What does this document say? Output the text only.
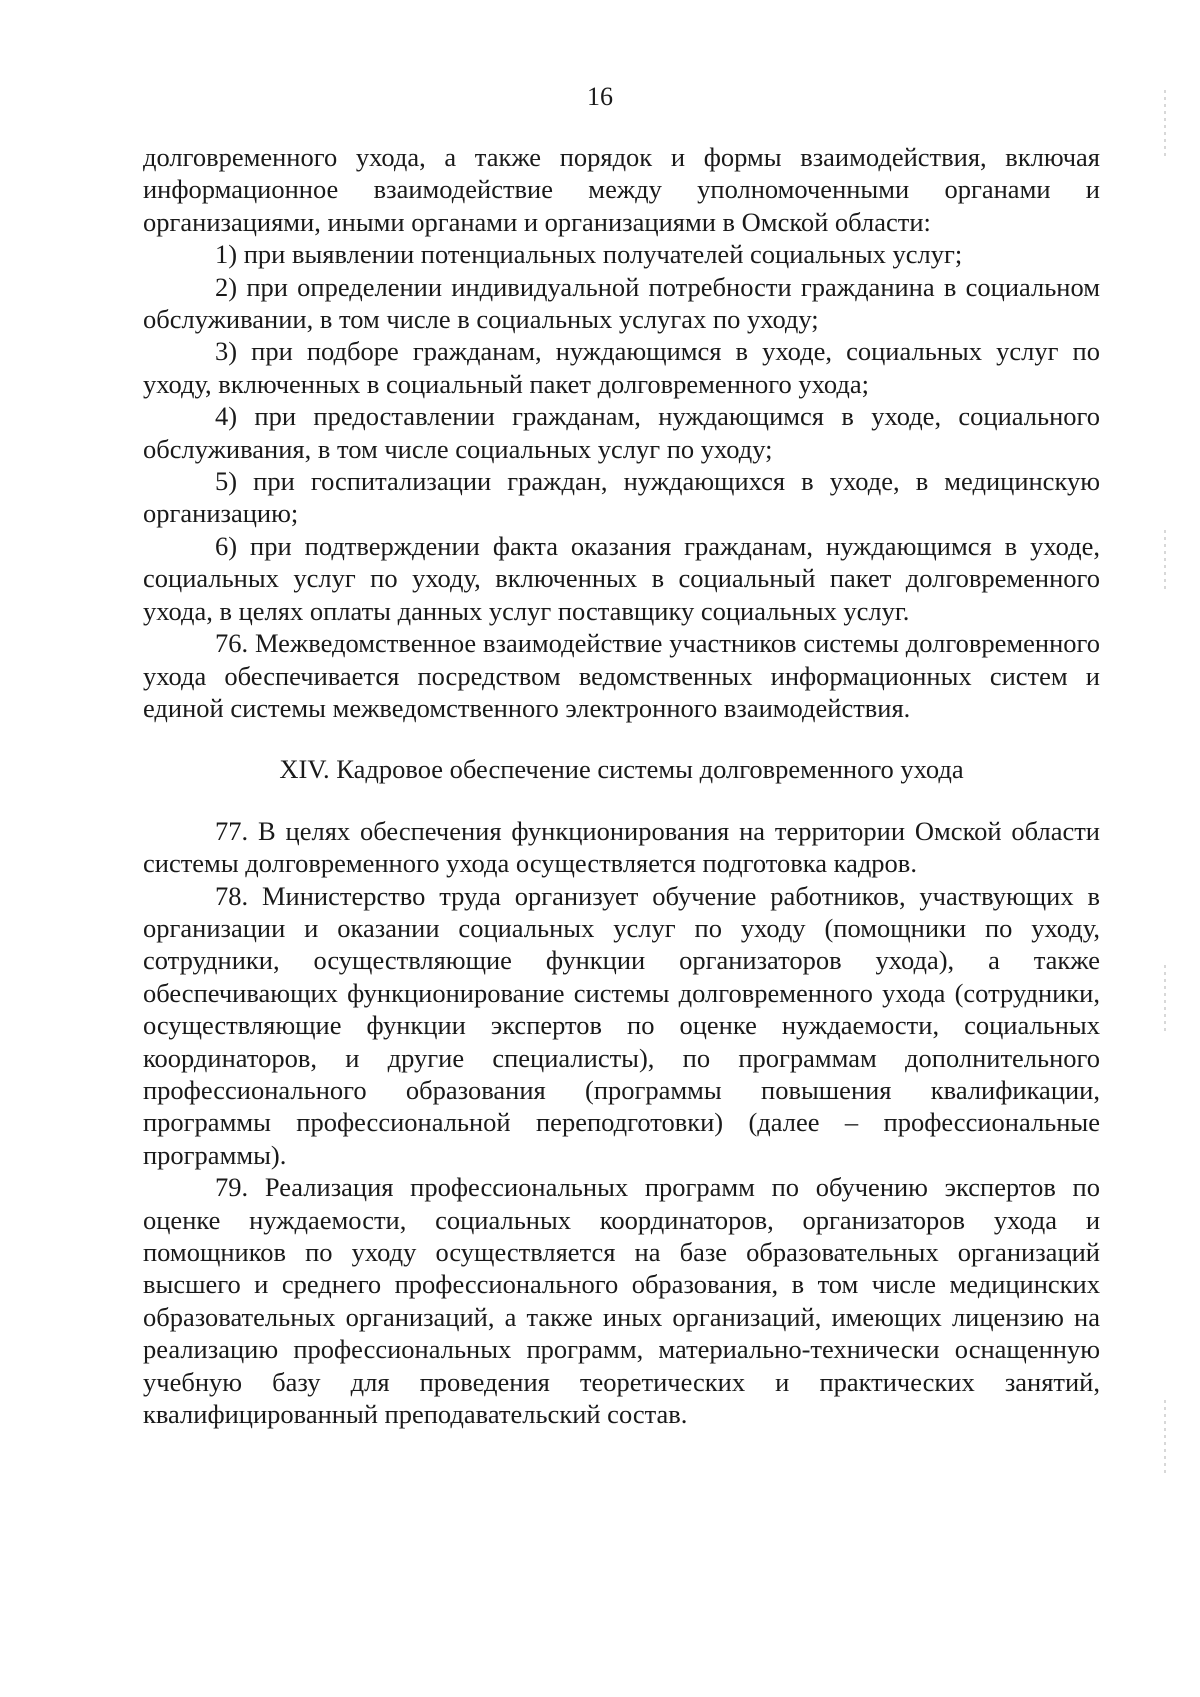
16

долговременного ухода, а также порядок и формы взаимодействия, включая информационное взаимодействие между уполномоченными органами и организациями, иными органами и организациями в Омской области:

1) при выявлении потенциальных получателей социальных услуг;

2) при определении индивидуальной потребности гражданина в социальном обслуживании, в том числе в социальных услугах по уходу;

3) при подборе гражданам, нуждающимся в уходе, социальных услуг по уходу, включенных в социальный пакет долговременного ухода;

4) при предоставлении гражданам, нуждающимся в уходе, социального обслуживания, в том числе социальных услуг по уходу;

5) при госпитализации граждан, нуждающихся в уходе, в медицинскую организацию;

6) при подтверждении факта оказания гражданам, нуждающимся в уходе, социальных услуг по уходу, включенных в социальный пакет долговременного ухода, в целях оплаты данных услуг поставщику социальных услуг.

76. Межведомственное взаимодействие участников системы долговременного ухода обеспечивается посредством ведомственных информационных систем и единой системы межведомственного электронного взаимодействия.

XIV. Кадровое обеспечение системы долговременного ухода

77. В целях обеспечения функционирования на территории Омской области системы долговременного ухода осуществляется подготовка кадров.

78. Министерство труда организует обучение работников, участвующих в организации и оказании социальных услуг по уходу (помощники по уходу, сотрудники, осуществляющие функции организаторов ухода), а также обеспечивающих функционирование системы долговременного ухода (сотрудники, осуществляющие функции экспертов по оценке нуждаемости, социальных координаторов, и другие специалисты), по программам дополнительного профессионального образования (программы повышения квалификации, программы профессиональной переподготовки) (далее – профессиональные программы).

79. Реализация профессиональных программ по обучению экспертов по оценке нуждаемости, социальных координаторов, организаторов ухода и помощников по уходу осуществляется на базе образовательных организаций высшего и среднего профессионального образования, в том числе медицинских образовательных организаций, а также иных организаций, имеющих лицензию на реализацию профессиональных программ, материально-технически оснащенную учебную базу для проведения теоретических и практических занятий, квалифицированный преподавательский состав.
